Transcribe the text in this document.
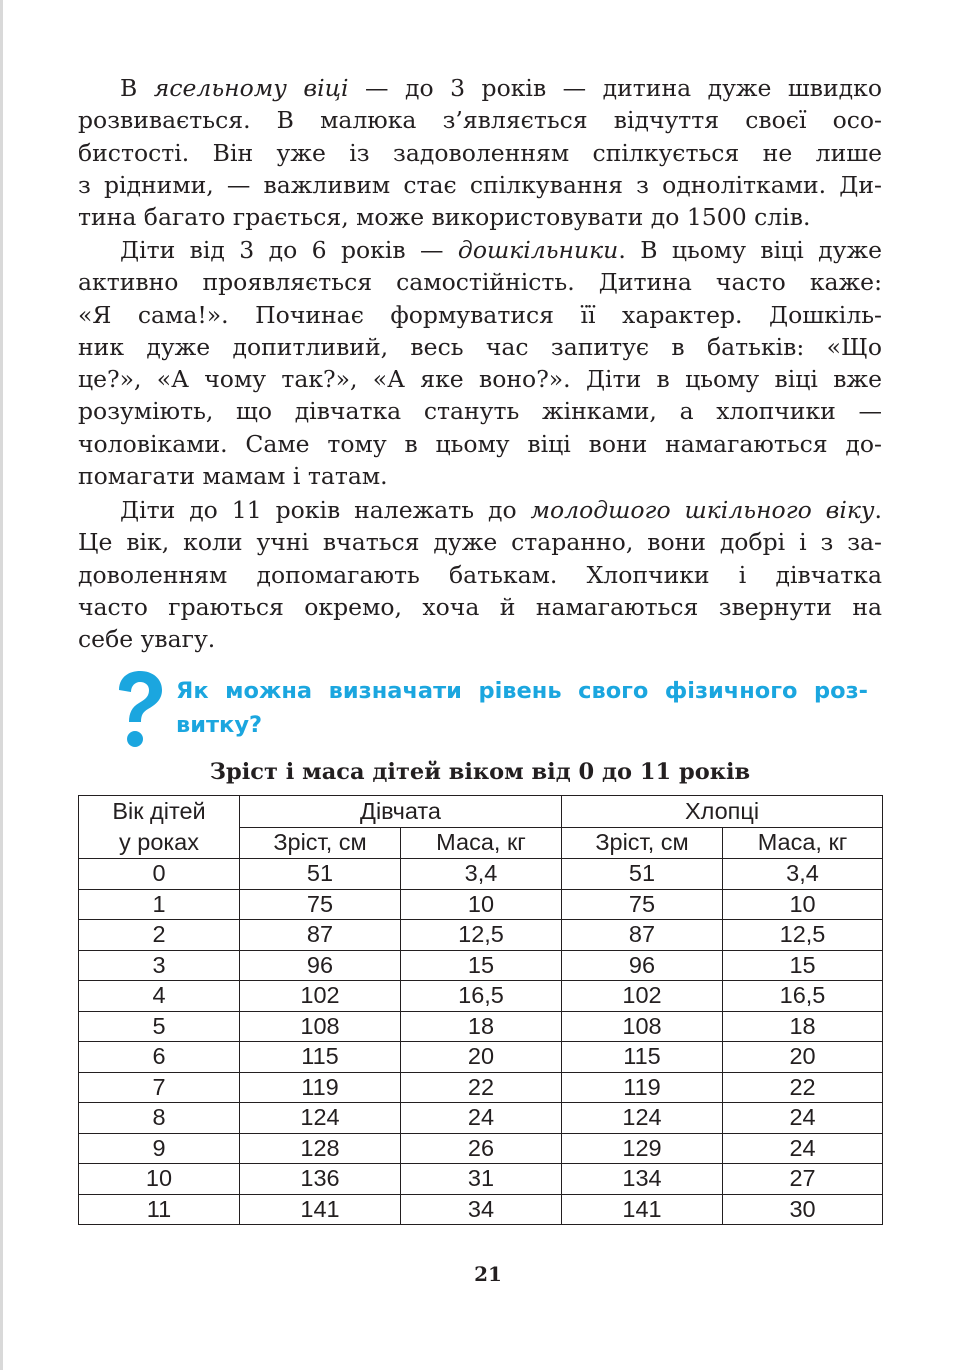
В ясельному віці — до 3 років — дитина дуже швидко
розвивається. В малюка з’являється відчуття своєї осо-
бистості. Він уже із задоволенням спілкується не лише
з рідними, — важливим стає спілкування з однолітками. Ди-
тина багато грається, може використовувати до 1500 слів.
Діти від 3 до 6 років — дошкільники. В цьому віці дуже
активно проявляється самостійність. Дитина часто каже:
«Я сама!». Починає формуватися її характер. Дошкіль-
ник дуже допитливий, весь час запитує в батьків: «Що
це?», «А чому так?», «А яке воно?». Діти в цьому віці вже
розуміють, що дівчатка стануть жінками, а хлопчики —
чоловіками. Саме тому в цьому віці вони намагаються до-
помагати мамам і татам.
Діти до 11 років належать до молодшого шкільного віку.
Це вік, коли учні вчаться дуже старанно, вони добрі і з за-
доволенням допомагають батькам. Хлопчики і дівчатка
часто граються окремо, хоча й намагаються звернути на
себе увагу.
Як можна визначати рівень свого фізичного роз-
витку?
Зріст і маса дітей віком від 0 до 11 років
Вік дітей
у роках	Дівчата		Хлопці	
	Зріст, см	Маса, кг	Зріст, см	Маса, кг
0	51	3,4	51	3,4
1	75	10	75	10
2	87	12,5	87	12,5
3	96	15	96	15
4	102	16,5	102	16,5
5	108	18	108	18
6	115	20	115	20
7	119	22	119	22
8	124	24	124	24
9	128	26	129	24
10	136	31	134	27
11	141	34	141	30
21
